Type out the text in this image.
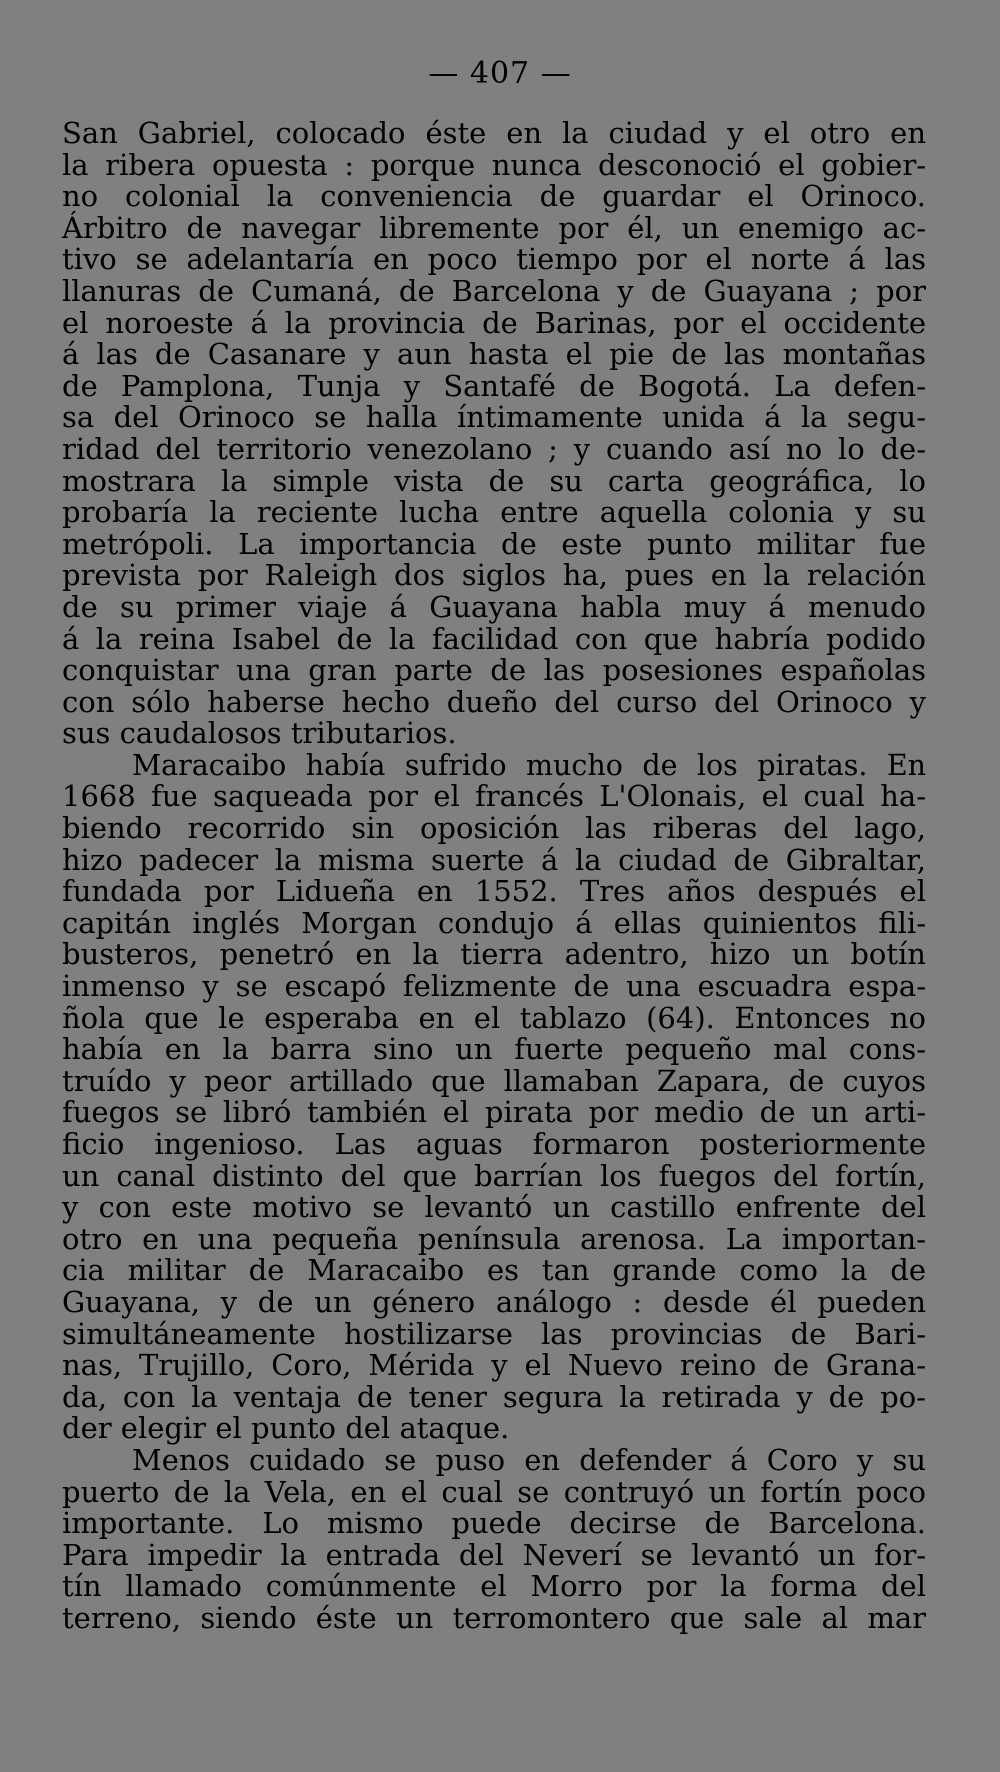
— 407 —
San Gabriel, colocado éste en la ciudad y el otro en
la ribera opuesta : porque nunca desconoció el gobier-
no colonial la conveniencia de guardar el Orinoco.
Árbitro de navegar libremente por él, un enemigo ac-
tivo se adelantaría en poco tiempo por el norte á las
llanuras de Cumaná, de Barcelona y de Guayana ; por
el noroeste á la provincia de Barinas, por el occidente
á las de Casanare y aun hasta el pie de las montañas
de Pamplona, Tunja y Santafé de Bogotá. La defen-
sa del Orinoco se halla íntimamente unida á la segu-
ridad del territorio venezolano ; y cuando así no lo de-
mostrara la simple vista de su carta geográfica, lo
probaría la reciente lucha entre aquella colonia y su
metrópoli. La importancia de este punto militar fue
prevista por Raleigh dos siglos ha, pues en la relación
de su primer viaje á Guayana habla muy á menudo
á la reina Isabel de la facilidad con que habría podido
conquistar una gran parte de las posesiones españolas
con sólo haberse hecho dueño del curso del Orinoco y
sus caudalosos tributarios.
Maracaibo había sufrido mucho de los piratas. En
1668 fue saqueada por el francés L'Olonais, el cual ha-
biendo recorrido sin oposición las riberas del lago,
hizo padecer la misma suerte á la ciudad de Gibraltar,
fundada por Lidueña en 1552. Tres años después el
capitán inglés Morgan condujo á ellas quinientos fili-
busteros, penetró en la tierra adentro, hizo un botín
inmenso y se escapó felizmente de una escuadra espa-
ñola que le esperaba en el tablazo (64). Entonces no
había en la barra sino un fuerte pequeño mal cons-
truído y peor artillado que llamaban Zapara, de cuyos
fuegos se libró también el pirata por medio de un arti-
ficio ingenioso. Las aguas formaron posteriormente
un canal distinto del que barrían los fuegos del fortín,
y con este motivo se levantó un castillo enfrente del
otro en una pequeña península arenosa. La importan-
cia militar de Maracaibo es tan grande como la de
Guayana, y de un género análogo : desde él pueden
simultáneamente hostilizarse las provincias de Bari-
nas, Trujillo, Coro, Mérida y el Nuevo reino de Grana-
da, con la ventaja de tener segura la retirada y de po-
der elegir el punto del ataque.
Menos cuidado se puso en defender á Coro y su
puerto de la Vela, en el cual se contruyó un fortín poco
importante. Lo mismo puede decirse de Barcelona.
Para impedir la entrada del Neverí se levantó un for-
tín llamado comúnmente el Morro por la forma del
terreno, siendo éste un terromontero que sale al mar
